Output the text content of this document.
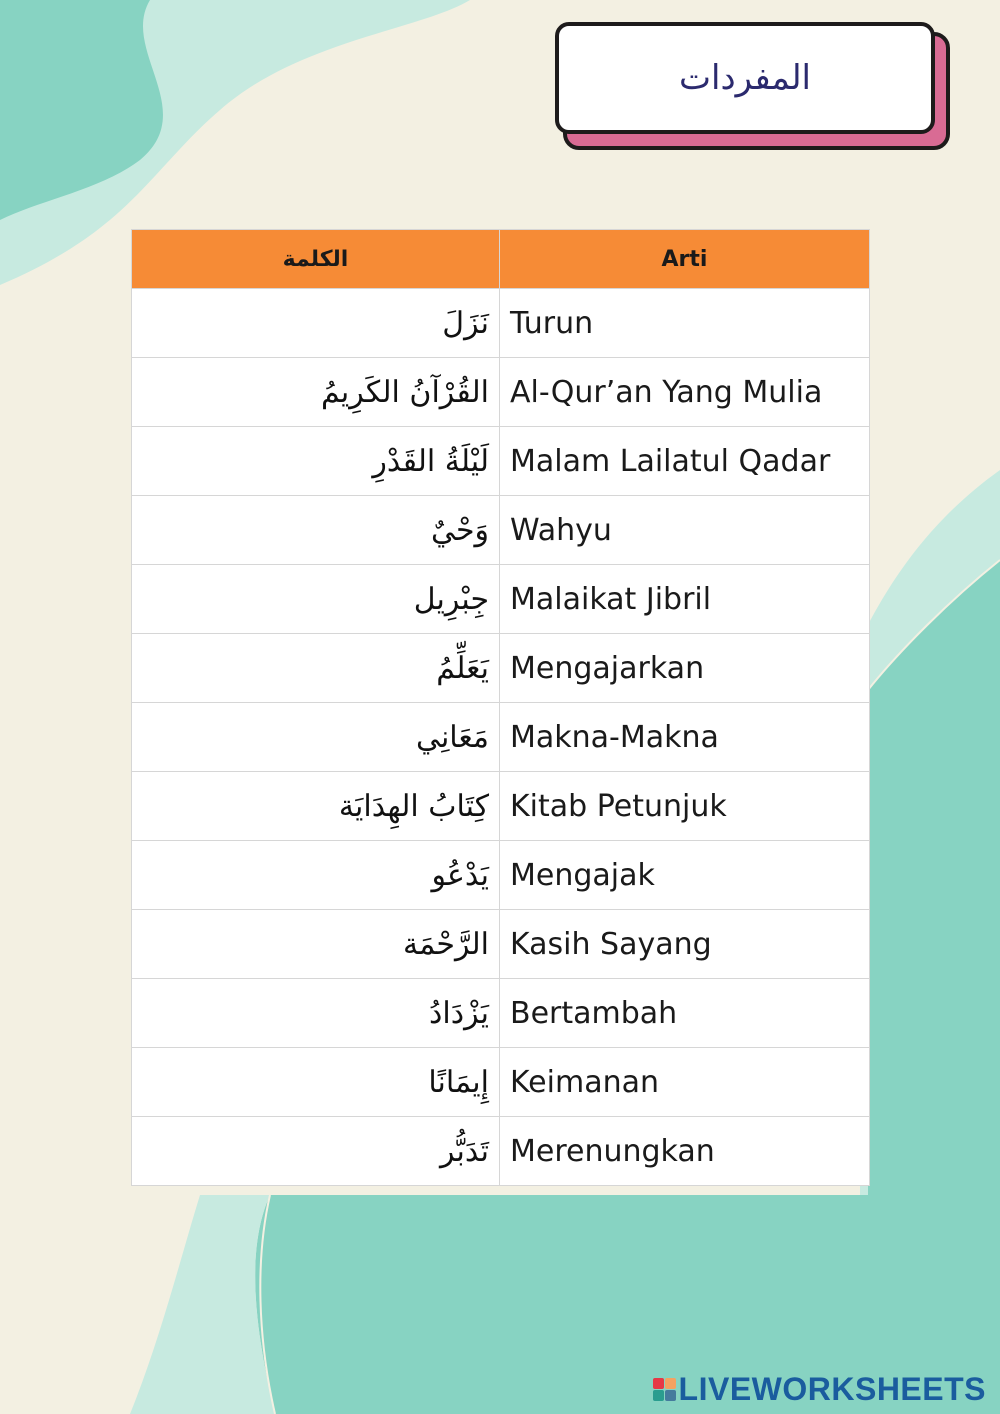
المفردات
الكلمة	Arti
نَزَلَ	Turun
القُرْآنُ الكَرِيمُ	Al-Qur’an Yang Mulia
لَيْلَةُ القَدْرِ	Malam Lailatul Qadar
وَحْيٌ	Wahyu
جِبْرِيل	Malaikat Jibril
يَعَلِّمُ	Mengajarkan
مَعَانِي	Makna-Makna
كِتَابُ الهِدَايَة	Kitab Petunjuk
يَدْعُو	Mengajak
الرَّحْمَة	Kasih Sayang
يَزْدَادُ	Bertambah
إِيمَانًا	Keimanan
تَدَبُّر	Merenungkan
LIVEWORKSHEETS
